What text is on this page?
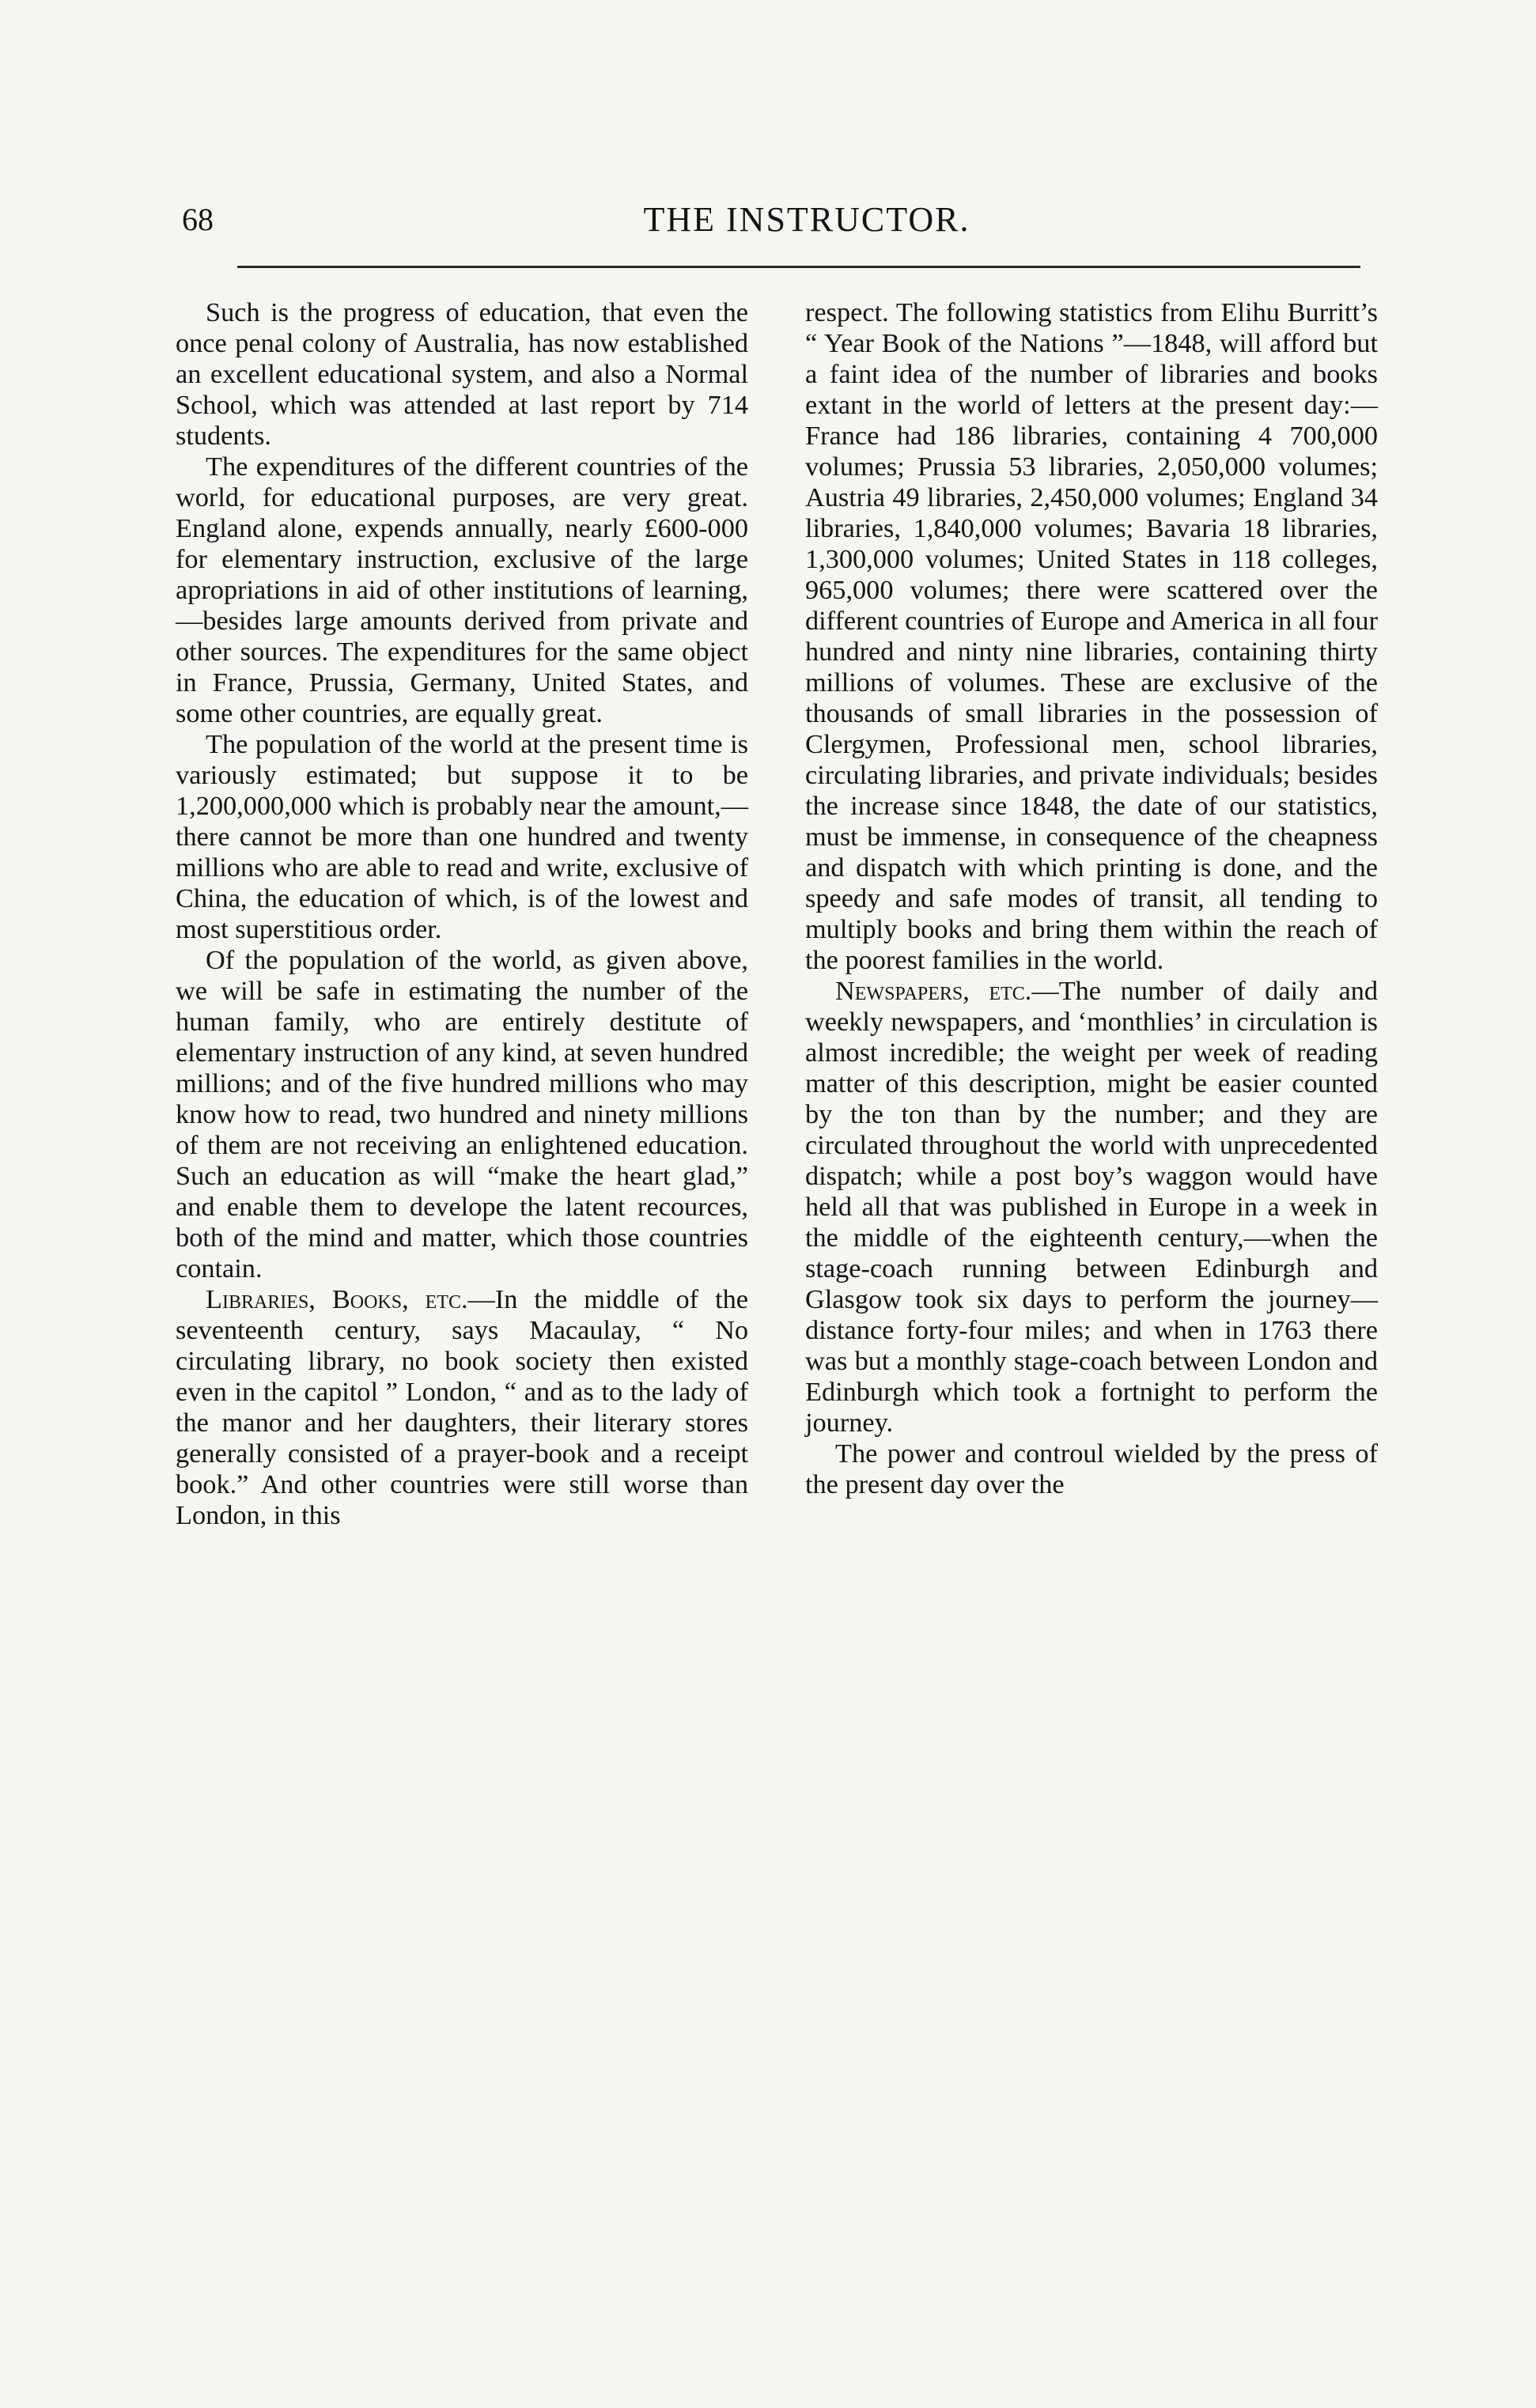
68	THE INSTRUCTOR.

Such is the progress of education, that even the once penal colony of Australia, has now established an excellent educational system, and also a Normal School, which was attended at last report by 714 students.

The expenditures of the different countries of the world, for educational purposes, are very great. England alone, expends annually, nearly £600-000 for elementary instruction, exclusive of the large apropriations in aid of other institutions of learning,—besides large amounts derived from private and other sources. The expenditures for the same object in France, Prussia, Germany, United States, and some other countries, are equally great.

The population of the world at the present time is variously estimated; but suppose it to be 1,200,000,000 which is probably near the amount,—there cannot be more than one hundred and twenty millions who are able to read and write, exclusive of China, the education of which, is of the lowest and most superstitious order.

Of the population of the world, as given above, we will be safe in estimating the number of the human family, who are entirely destitute of elementary instruction of any kind, at seven hundred millions; and of the five hundred millions who may know how to read, two hundred and ninety millions of them are not receiving an enlightened education. Such an education as will “make the heart glad,” and enable them to develope the latent recources, both of the mind and matter, which those countries contain.

Libraries, Books, etc.—In the middle of the seventeenth century, says Macaulay, “ No circulating library, no book society then existed even in the capitol ” London, “ and as to the lady of the manor and her daughters, their literary stores generally consisted of a prayer-book and a receipt book.” And other countries were still worse than London, in this

respect. The following statistics from Elihu Burritt’s “ Year Book of the Nations ”—1848, will afford but a faint idea of the number of libraries and books extant in the world of letters at the present day:—France had 186 libraries, containing 4 700,000 volumes; Prussia 53 libraries, 2,050,000 volumes; Austria 49 libraries, 2,450,000 volumes; England 34 libraries, 1,840,000 volumes; Bavaria 18 libraries, 1,300,000 volumes; United States in 118 colleges, 965,000 volumes; there were scattered over the different countries of Europe and America in all four hundred and ninty nine libraries, containing thirty millions of volumes. These are exclusive of the thousands of small libraries in the possession of Clergymen, Professional men, school libraries, circulating libraries, and private individuals; besides the increase since 1848, the date of our statistics, must be immense, in consequence of the cheapness and dispatch with which printing is done, and the speedy and safe modes of transit, all tending to multiply books and bring them within the reach of the poorest families in the world.

Newspapers, etc.—The number of daily and weekly newspapers, and ‘monthlies’ in circulation is almost incredible; the weight per week of reading matter of this description, might be easier counted by the ton than by the number; and they are circulated throughout the world with unprecedented dispatch; while a post boy’s waggon would have held all that was published in Europe in a week in the middle of the eighteenth century,—when the stage-coach running between Edinburgh and Glasgow took six days to perform the journey—distance forty-four miles; and when in 1763 there was but a monthly stage-coach between London and Edinburgh which took a fortnight to perform the journey.

The power and controul wielded by the press of the present day over the
